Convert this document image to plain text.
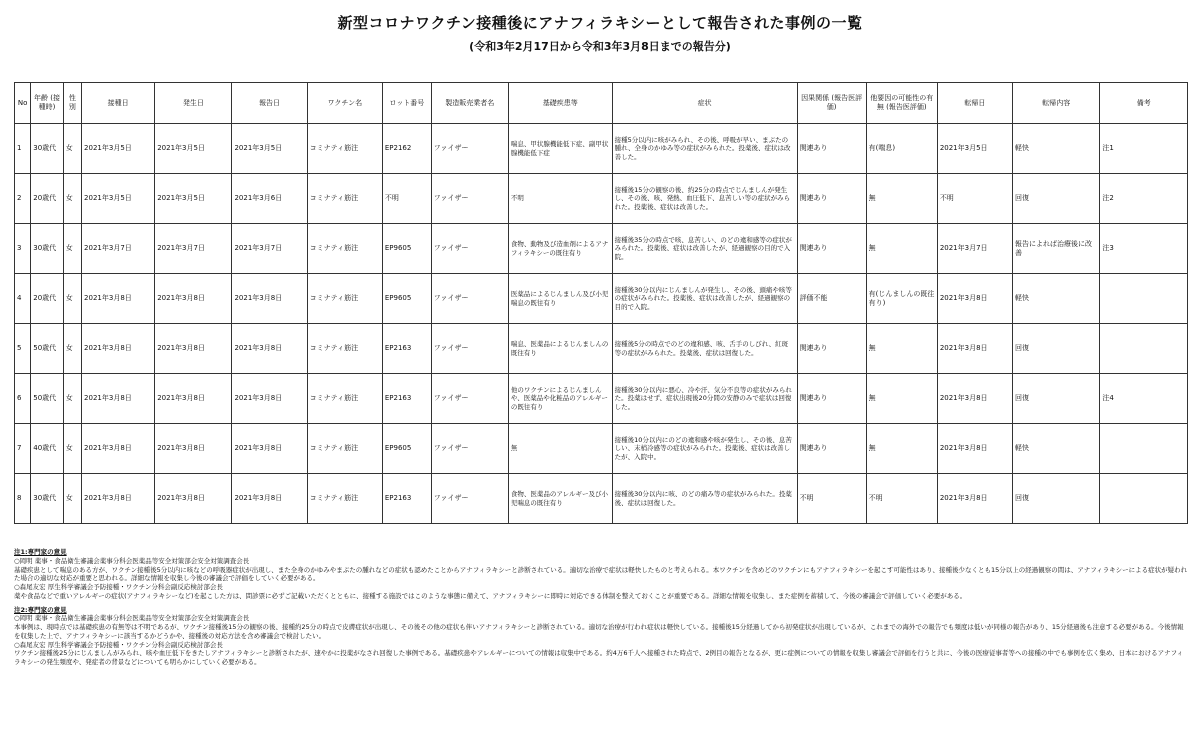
新型コロナワクチン接種後にアナフィラキシーとして報告された事例の一覧
(令和3年2月17日から令和3年3月8日までの報告分)
No	年齢 (接種時)	性別	接種日	発生日	報告日	ワクチン名	ロット番号	製造販売業者名	基礎疾患等	症状	因果関係 (報告医評価)	他要因の可能性の有無 (報告医評価)	転帰日	転帰内容	備考
1	30歳代	女	2021年3月5日	2021年3月5日	2021年3月5日	コミナティ筋注	EP2162	ファイザー	喘息、甲状腺機能低下症、副甲状腺機能低下症	接種5分以内に咳がみられ、その後、呼吸が早い、まぶたの腫れ、全身のかゆみ等の症状がみられた。投薬後、症状は改善した。	関連あり	有(喘息)	2021年3月5日	軽快	注1
2	20歳代	女	2021年3月5日	2021年3月5日	2021年3月6日	コミナティ筋注	不明	ファイザー	不明	接種後15分の観察の後、約25分の時点でじんましんが発生し、その後、咳、発熱、血圧低下、息苦しい等の症状がみられた。投薬後、症状は改善した。	関連あり	無	不明	回復	注2
3	30歳代	女	2021年3月7日	2021年3月7日	2021年3月7日	コミナティ筋注	EP9605	ファイザー	食物、動物及び造血剤によるアナフィラキシーの既往有り	接種後35分の時点で咳、息苦しい、のどの違和感等の症状がみられた。投薬後、症状は改善したが、経過観察の目的で入院。	関連あり	無	2021年3月7日	報告によれば治療後に改善	注3
4	20歳代	女	2021年3月8日	2021年3月8日	2021年3月8日	コミナティ筋注	EP9605	ファイザー	医薬品によるじんましん及び小児喘息の既往有り	接種後30分以内にじんましんが発生し、その後、頭痛や咳等の症状がみられた。投薬後、症状は改善したが、経過観察の目的で入院。	評価不能	有(じんましんの既往有り)	2021年3月8日	軽快	
5	50歳代	女	2021年3月8日	2021年3月8日	2021年3月8日	コミナティ筋注	EP2163	ファイザー	喘息、医薬品によるじんましんの既往有り	接種後5分の時点でのどの違和感、咳、舌手のしびれ、紅斑等の症状がみられた。投薬後、症状は回復した。	関連あり	無	2021年3月8日	回復	
6	50歳代	女	2021年3月8日	2021年3月8日	2021年3月8日	コミナティ筋注	EP2163	ファイザー	他のワクチンによるじんましんや、医薬品や化粧品のアレルギーの既往有り	接種後30分以内に悪心、冷や汗、気分不良等の症状がみられた。投薬はせず、症状出現後20分間の安静のみで症状は回復した。	関連あり	無	2021年3月8日	回復	注4
7	40歳代	女	2021年3月8日	2021年3月8日	2021年3月8日	コミナティ筋注	EP9605	ファイザー	無	接種後10分以内にのどの違和感や咳が発生し、その後、息苦しい、末梢冷感等の症状がみられた。投薬後、症状は改善したが、入院中。	関連あり	無	2021年3月8日	軽快	
8	30歳代	女	2021年3月8日	2021年3月8日	2021年3月8日	コミナティ筋注	EP2163	ファイザー	食物、医薬品のアレルギー及び小児喘息の既往有り	接種後30分以内に咳、のどの痛み等の症状がみられた。投薬後、症状は回復した。	不明	不明	2021年3月8日	回復	

注1:専門家の意見

○岡明 薬事・食品衛生審議会薬事分科会医薬品等安全対策部会安全対策調査会長

基礎疾患として喘息のある方が、ワクチン接種後5分以内に咳などの呼吸器症状が出現し、また全身のかゆみやまぶたの腫れなどの症状も認めたことからアナフィラキシーと診断されている。適切な治療で症状は軽快したものと考えられる。本ワクチンを含めどのワクチンにもアナフィラキシーを起こす可能性はあり、接種後少なくとも15分以上の経過観察の間は、アナフィラキシーによる症状が疑われた場合の適切な対応が重要と思われる。詳細な情報を収集し今後の審議会で評価をしていく必要がある。

○森尾友宏 厚生科学審議会予防接種・ワクチン分科会副反応検討部会長

薬や食品などで重いアレルギーの症状(アナフィラキシーなど)を起こした方は、問診票に必ずご記載いただくとともに、接種する施設ではこのような事態に備えて、アナフィラキシーに即時に対応できる体制を整えておくことが重要である。詳細な情報を収集し、また症例を蓄積して、今後の審議会で評価していく必要がある。

注2:専門家の意見

○岡明 薬事・食品衛生審議会薬事分科会医薬品等安全対策部会安全対策調査会長

本事例は、現時点では基礎疾患の有無等は不明であるが、ワクチン接種後15分の観察の後、接種約25分の時点で皮膚症状が出現し、その後その他の症状も伴いアナフィラキシーと診断されている。適切な治療が行われ症状は軽快している。接種後15分経過してから初発症状が出現しているが、これまでの海外での報告でも頻度は低いが同様の報告があり、15分経過後も注意する必要がある。今後情報を収集した上で、アナフィラキシーに該当するかどうかや、接種後の対応方法を含め審議会で検討したい。

○森尾友宏 厚生科学審議会予防接種・ワクチン分科会副反応検討部会長

ワクチン接種後25分にじんましんがみられ、咳や血圧低下をきたしアナフィラキシーと診断されたが、速やかに投薬がなされ回復した事例である。基礎疾患やアレルギーについての情報は収集中である。約4万6千人へ接種された時点で、2例目の報告となるが、更に症例についての情報を収集し審議会で評価を行うと共に、今後の医療従事者等への接種の中でも事例を広く集め、日本におけるアナフィラキシーの発生頻度や、発症者の背景などについても明らかにしていく必要がある。
